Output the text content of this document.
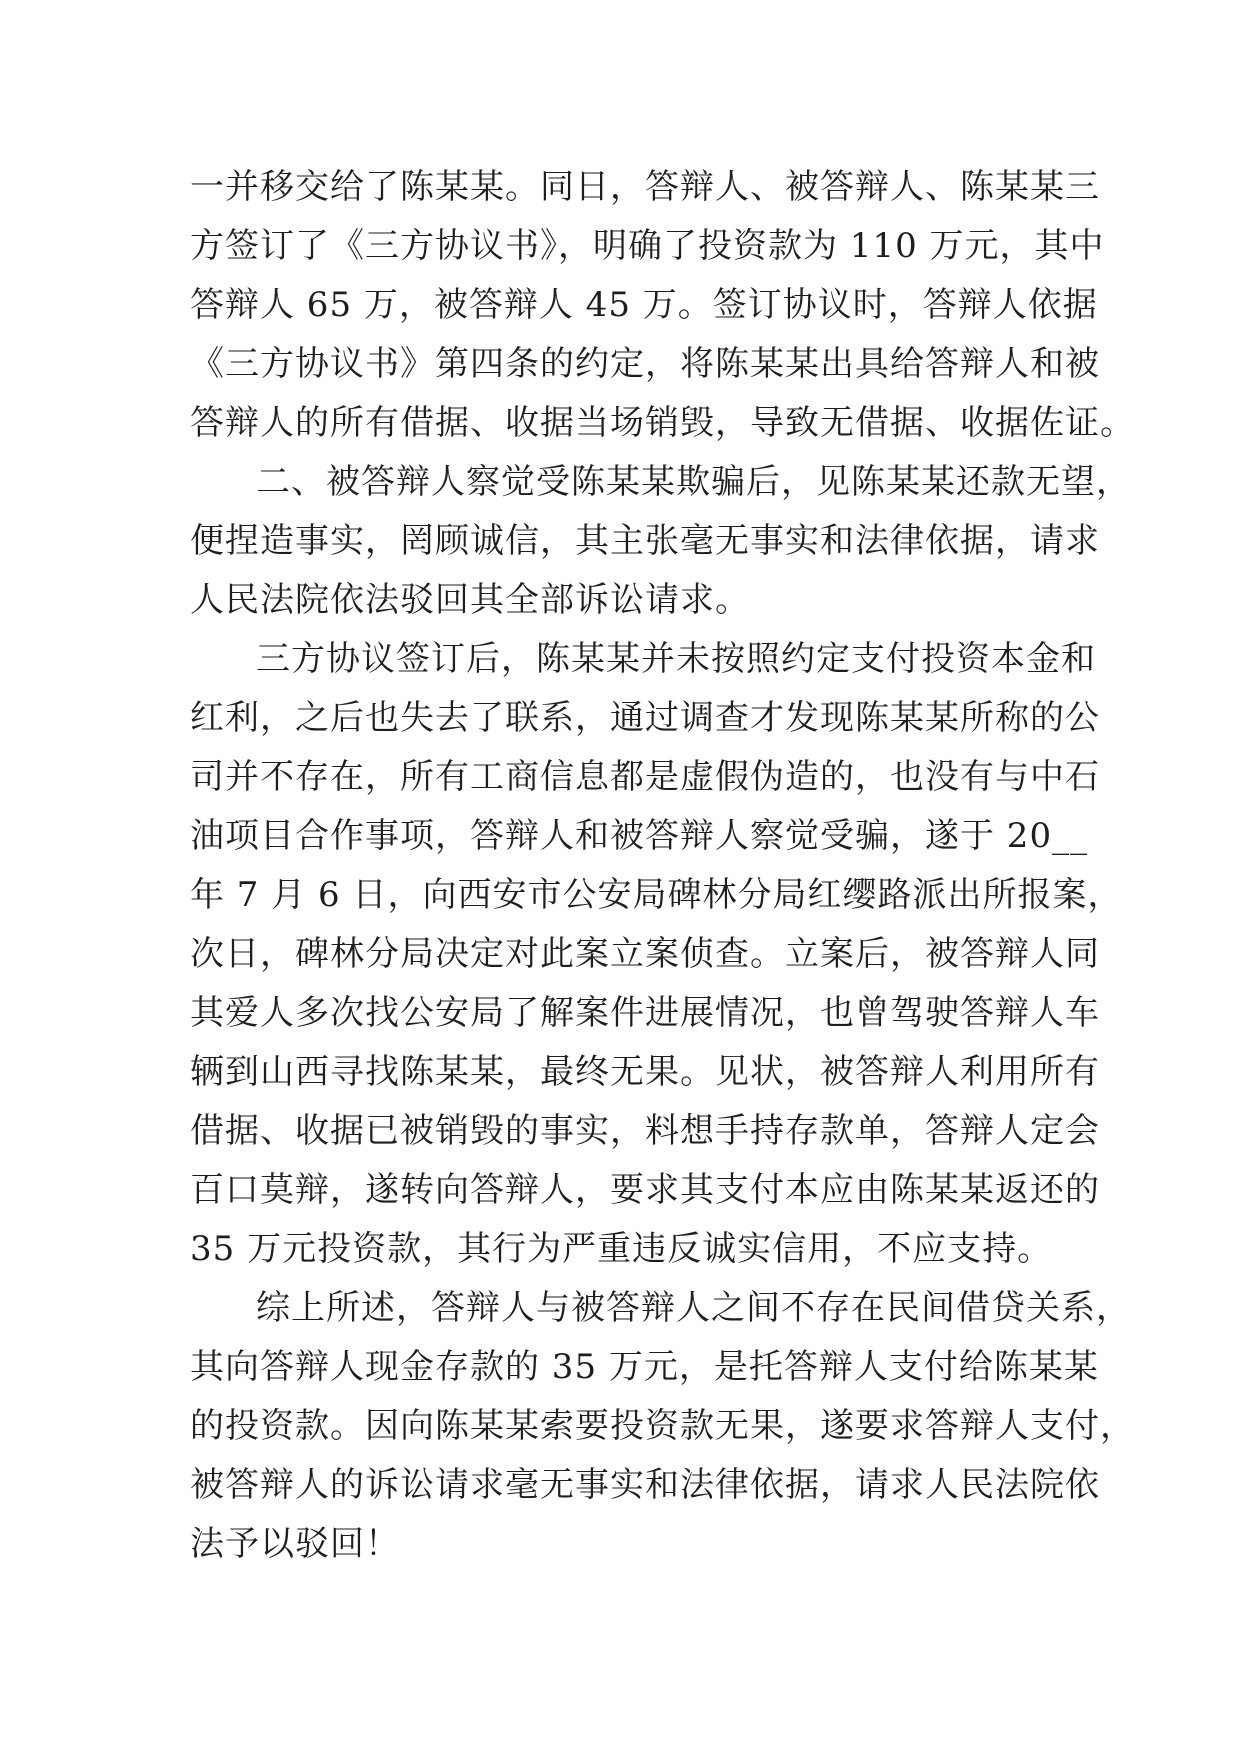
一并移交给了陈某某。同日，答辩人、被答辩人、陈某某三
方签订了《三方协议书》，明确了投资款为 110 万元，其中
答辩人 65 万，被答辩人 45 万。签订协议时，答辩人依据
《三方协议书》第四条的约定，将陈某某出具给答辩人和被
答辩人的所有借据、收据当场销毁，导致无借据、收据佐证。
二、被答辩人察觉受陈某某欺骗后，见陈某某还款无望，
便捏造事实，罔顾诚信，其主张毫无事实和法律依据，请求
人民法院依法驳回其全部诉讼请求。
三方协议签订后，陈某某并未按照约定支付投资本金和
红利，之后也失去了联系，通过调查才发现陈某某所称的公
司并不存在，所有工商信息都是虚假伪造的，也没有与中石
油项目合作事项，答辩人和被答辩人察觉受骗，遂于 20__
年 7 月 6 日，向西安市公安局碑林分局红缨路派出所报案，
次日，碑林分局决定对此案立案侦查。立案后，被答辩人同
其爱人多次找公安局了解案件进展情况，也曾驾驶答辩人车
辆到山西寻找陈某某，最终无果。见状，被答辩人利用所有
借据、收据已被销毁的事实，料想手持存款单，答辩人定会
百口莫辩，遂转向答辩人，要求其支付本应由陈某某返还的
35 万元投资款，其行为严重违反诚实信用，不应支持。
综上所述，答辩人与被答辩人之间不存在民间借贷关系，
其向答辩人现金存款的 35 万元，是托答辩人支付给陈某某
的投资款。因向陈某某索要投资款无果，遂要求答辩人支付，
被答辩人的诉讼请求毫无事实和法律依据，请求人民法院依
法予以驳回！
